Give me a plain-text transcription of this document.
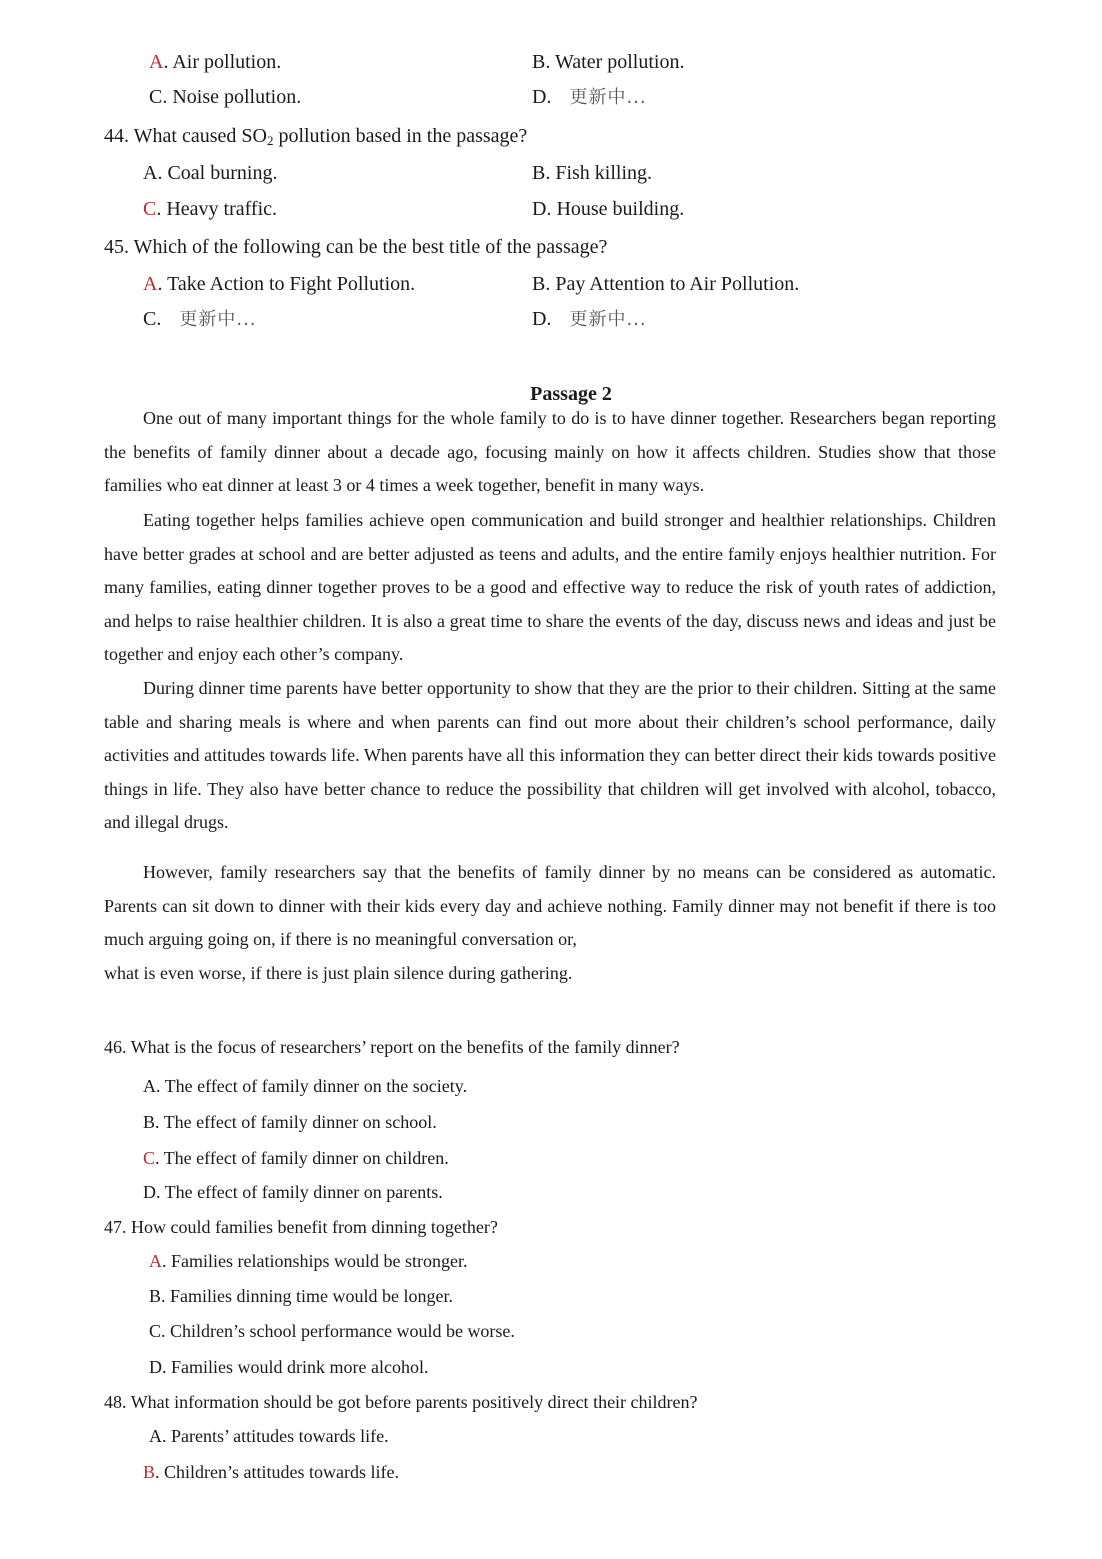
A. Air pollution.	B. Water pollution.
C. Noise pollution.	D. 更新中...
44. What caused $SO_2$ pollution based in the passage?
A. Coal burning.	B. Fish killing.
C. Heavy traffic.	D. House building.
45. Which of the following can be the best title of the passage?
A. Take Action to Fight Pollution.	B. Pay Attention to Air Pollution.
C. 更新中...	D. 更新中...
Passage 2

One out of many important things for the whole family to do is to have dinner together. Researchers began reporting the benefits of family dinner about a decade ago, focusing mainly on how it affects children. Studies show that those families who eat dinner at least 3 or 4 times a week together, benefit in many ways.

Eating together helps families achieve open communication and build stronger and healthier relationships. Children have better grades at school and are better adjusted as teens and adults, and the entire family enjoys healthier nutrition. For many families, eating dinner together proves to be a good and effective way to reduce the risk of youth rates of addiction, and helps to raise healthier children. It is also a great time to share the events of the day, discuss news and ideas and just be together and enjoy each other’s company.

During dinner time parents have better opportunity to show that they are the prior to their children. Sitting at the same table and sharing meals is where and when parents can find out more about their children’s school performance, daily activities and attitudes towards life. When parents have all this information they can better direct their kids towards positive things in life. They also have better chance to reduce the possibility that children will get involved with alcohol, tobacco, and illegal drugs.

However, family researchers say that the benefits of family dinner by no means can be considered as automatic. Parents can sit down to dinner with their kids every day and achieve nothing. Family dinner may not benefit if there is too much arguing going on, if there is no meaningful conversation or,

what is even worse, if there is just plain silence during gathering.

46. What is the focus of researchers’ report on the benefits of the family dinner?
A. The effect of family dinner on the society.
B. The effect of family dinner on school.
C. The effect of family dinner on children.
D. The effect of family dinner on parents.
47. How could families benefit from dinning together?
A. Families relationships would be stronger.
B. Families dinning time would be longer.
C. Children’s school performance would be worse.
D. Families would drink more alcohol.
48. What information should be got before parents positively direct their children?
A. Parents’ attitudes towards life.
B. Children’s attitudes towards life.
